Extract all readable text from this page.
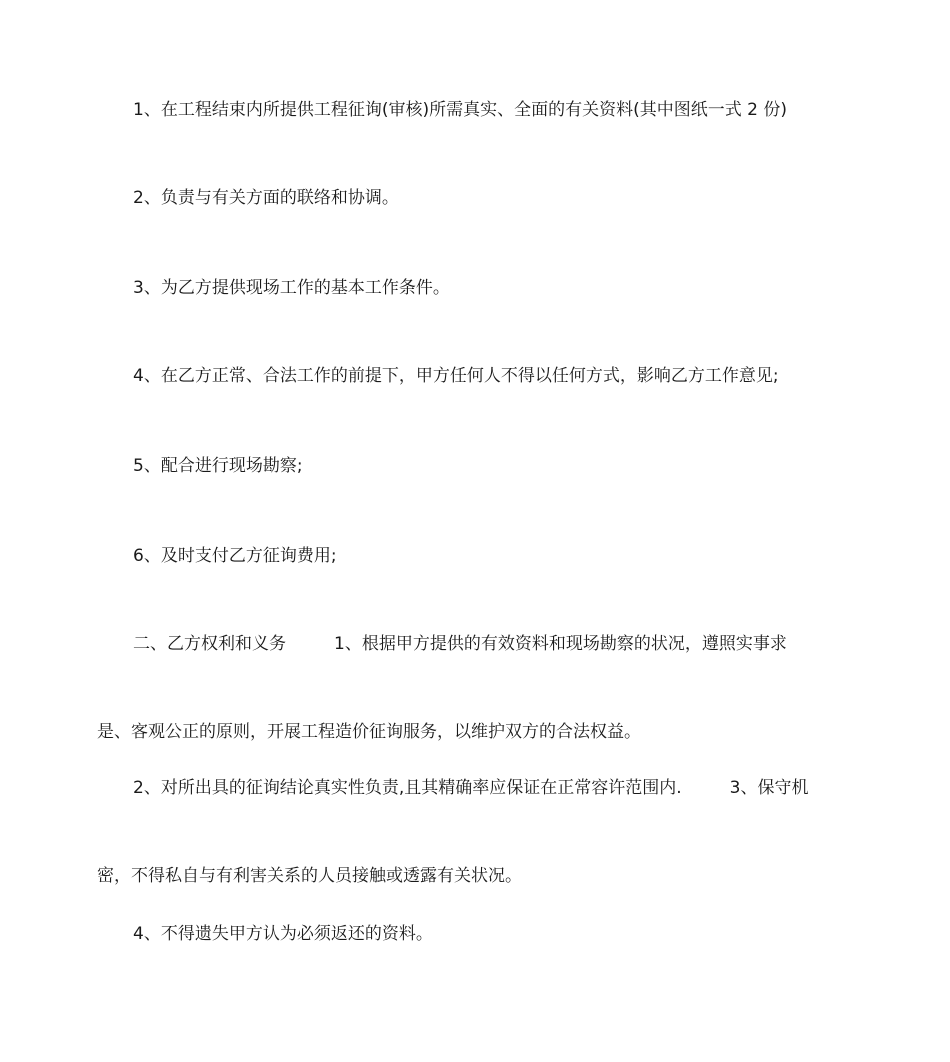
1、在工程结束内所提供工程征询(审核)所需真实、全面的有关资料(其中图纸一式 2 份)
2、负责与有关方面的联络和协调。
3、为乙方提供现场工作的基本工作条件。
4、在乙方正常、合法工作的前提下，甲方任何人不得以任何方式，影响乙方工作意见;
5、配合进行现场勘察;
6、及时支付乙方征询费用;
二、乙方权利和义务	1、根据甲方提供的有效资料和现场勘察的状况，遵照实事求
是、客观公正的原则，开展工程造价征询服务，以维护双方的合法权益。
2、对所出具的征询结论真实性负责,且其精确率应保证在正常容许范围内.	3、保守机
密，不得私自与有利害关系的人员接触或透露有关状况。
4、不得遗失甲方认为必须返还的资料。
